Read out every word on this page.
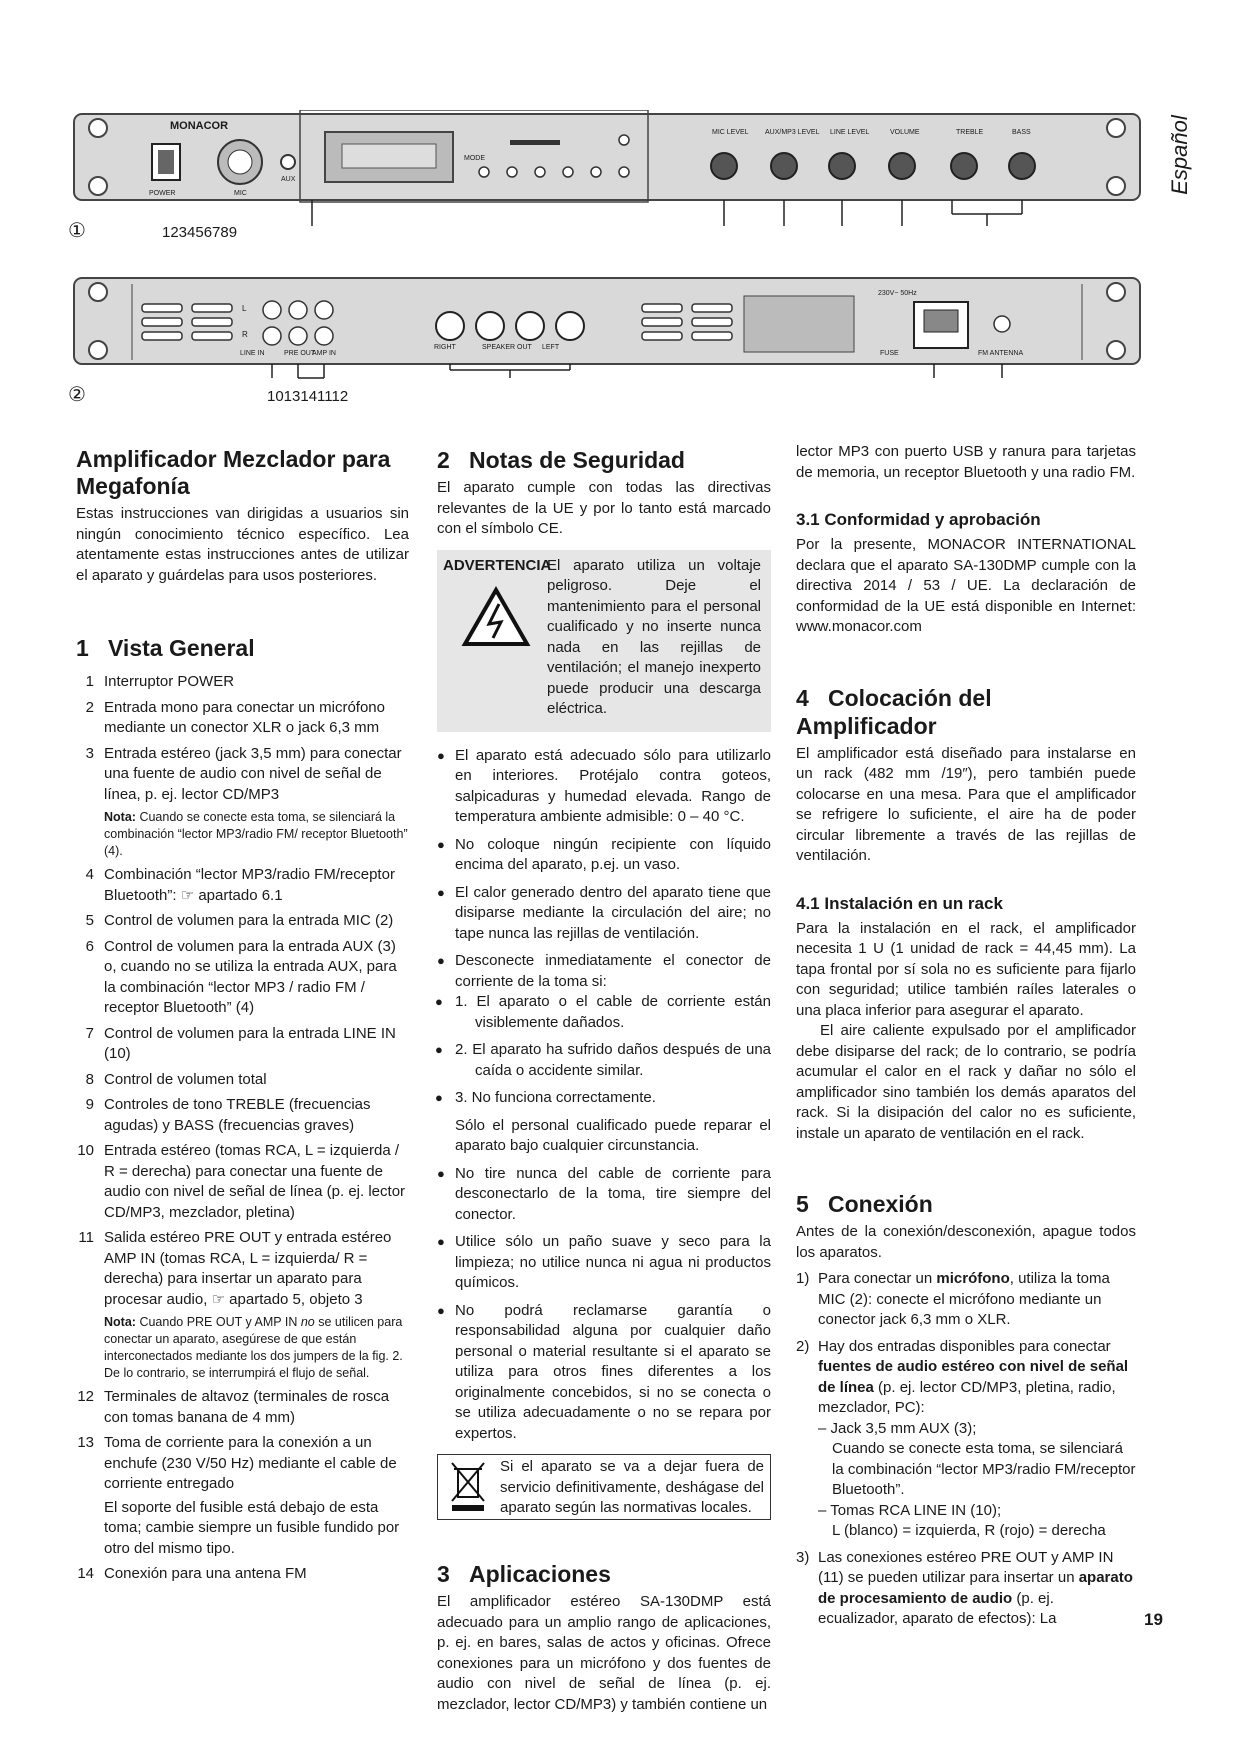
Español
MONACOR
MIC LEVEL AUX/MP3 LEVEL LINE LEVEL	VOLUME	TREBLE	BASS
POWER	MIC
AUX
MODE
①	123456789
LINE IN	PRE OUT
AMP IN
RIGHT	SPEAKER OUT LEFT
230V~ 50Hz
FUSE	FM ANTENNA
L
R
②	1013141112
Amplificador Mezclador para Megafonía

Estas instrucciones van dirigidas a usuarios sin ningún conocimiento técnico específico. Lea atentamente estas instrucciones antes de utilizar el aparato y guárdelas para usos posteriores.

1 Vista General
1 Interruptor POWER
2 Entrada mono para conectar un micrófono mediante un conector XLR o jack 6,3 mm
3 Entrada estéreo (jack 3,5 mm) para conectar una fuente de audio con nivel de señal de línea, p. ej. lector CD/MP3
Nota: Cuando se conecte esta toma, se silenciará la combinación “lector MP3/radio FM/ receptor Bluetooth” (4).
4 Combinación “lector MP3/radio FM/receptor Bluetooth”: ☞ apartado 6.1
5 Control de volumen para la entrada MIC (2)
6 Control de volumen para la entrada AUX (3) o, cuando no se utiliza la entrada AUX, para la combinación “lector MP3 / radio FM / receptor Bluetooth” (4)
7 Control de volumen para la entrada LINE IN (10)
8 Control de volumen total
9 Controles de tono TREBLE (frecuencias agudas) y BASS (frecuencias graves)
10 Entrada estéreo (tomas RCA, L = izquierda / R = derecha) para conectar una fuente de audio con nivel de señal de línea (p. ej. lector CD/MP3, mezclador, pletina)
11 Salida estéreo PRE OUT y entrada estéreo AMP IN (tomas RCA, L = izquierda/ R = derecha) para insertar un aparato para procesar audio, ☞ apartado 5, objeto 3
Nota: Cuando PRE OUT y AMP IN no se utilicen para conectar un aparato, asegúrese de que están interconectados mediante los dos jumpers de la fig. 2. De lo contrario, se interrumpirá el flujo de señal.
12 Terminales de altavoz (terminales de rosca con tomas banana de 4 mm)
13 Toma de corriente para la conexión a un enchufe (230 V/50 Hz) mediante el cable de corriente entregado
El soporte del fusible está debajo de esta toma; cambie siempre un fusible fundido por otro del mismo tipo.
14 Conexión para una antena FM
2 Notas de Seguridad

El aparato cumple con todas las directivas relevantes de la UE y por lo tanto está marcado con el símbolo CE.

ADVERTENCIA
El aparato utiliza un voltaje peligroso. Deje el mantenimiento para el personal cualificado y no inserte nunca nada en las rejillas de ventilación; el manejo inexperto puede producir una descarga eléctrica.
● El aparato está adecuado sólo para utilizarlo en interiores. Protéjalo contra goteos, salpicaduras y humedad elevada. Rango de temperatura ambiente admisible: 0 – 40 °C.
● No coloque ningún recipiente con líquido encima del aparato, p.ej. un vaso.
● El calor generado dentro del aparato tiene que disiparse mediante la circulación del aire; no tape nunca las rejillas de ventilación.
● Desconecte inmediatamente el conector de corriente de la toma si:
● 1. El aparato o el cable de corriente están visiblemente dañados.
● 2. El aparato ha sufrido daños después de una caída o accidente similar.
● 3. No funciona correctamente.
Sólo el personal cualificado puede reparar el aparato bajo cualquier circunstancia.
● No tire nunca del cable de corriente para desconectarlo de la toma, tire siempre del conector.
● Utilice sólo un paño suave y seco para la limpieza; no utilice nunca ni agua ni productos químicos.
● No podrá reclamarse garantía o responsabilidad alguna por cualquier daño personal o material resultante si el aparato se utiliza para otros fines diferentes a los originalmente concebidos, si no se conecta o se utiliza adecuadamente o no se repara por expertos.
Si el aparato se va a dejar fuera de servicio definitivamente, deshágase del aparato según las normativas locales.
3 Aplicaciones

El amplificador estéreo SA-130DMP está adecuado para un amplio rango de aplicaciones, p. ej. en bares, salas de actos y oficinas. Ofrece conexiones para un micrófono y dos fuentes de audio con nivel de señal de línea (p. ej. mezclador, lector CD/MP3) y también contiene un

lector MP3 con puerto USB y ranura para tarjetas de memoria, un receptor Bluetooth y una radio FM.

3.1 Conformidad y aprobación

Por la presente, MONACOR INTERNATIONAL declara que el aparato SA-130DMP cumple con la directiva 2014 / 53 / UE. La declaración de conformidad de la UE está disponible en Internet: www.monacor.com

4 Colocación del Amplificador

El amplificador está diseñado para instalarse en un rack (482 mm /19″), pero también puede colocarse en una mesa. Para que el amplificador se refrigere lo suficiente, el aire ha de poder circular libremente a través de las rejillas de ventilación.

4.1 Instalación en un rack

Para la instalación en el rack, el amplificador necesita 1 U (1 unidad de rack = 44,45 mm). La tapa frontal por sí sola no es suficiente para fijarlo con seguridad; utilice también raíles laterales o una placa inferior para asegurar el aparato.

El aire caliente expulsado por el amplificador debe disiparse del rack; de lo contrario, se podría acumular el calor en el rack y dañar no sólo el amplificador sino también los demás aparatos del rack. Si la disipación del calor no es suficiente, instale un aparato de ventilación en el rack.

5 Conexión

Antes de la conexión/desconexión, apague todos los aparatos.

1) Para conectar un micrófono, utiliza la toma MIC (2): conecte el micrófono mediante un conector jack 6,3 mm o XLR.
2) Hay dos entradas disponibles para conectar fuentes de audio estéreo con nivel de señal de línea (p. ej. lector CD/MP3, pletina, radio, mezclador, PC):
– Jack 3,5 mm AUX (3);
Cuando se conecte esta toma, se silenciará la combinación “lector MP3/radio FM/receptor Bluetooth”.
– Tomas RCA LINE IN (10);
L (blanco) = izquierda, R (rojo) = derecha
3) Las conexiones estéreo PRE OUT y AMP IN (11) se pueden utilizar para insertar un aparato de procesamiento de audio (p. ej. ecualizador, aparato de efectos): La	19
